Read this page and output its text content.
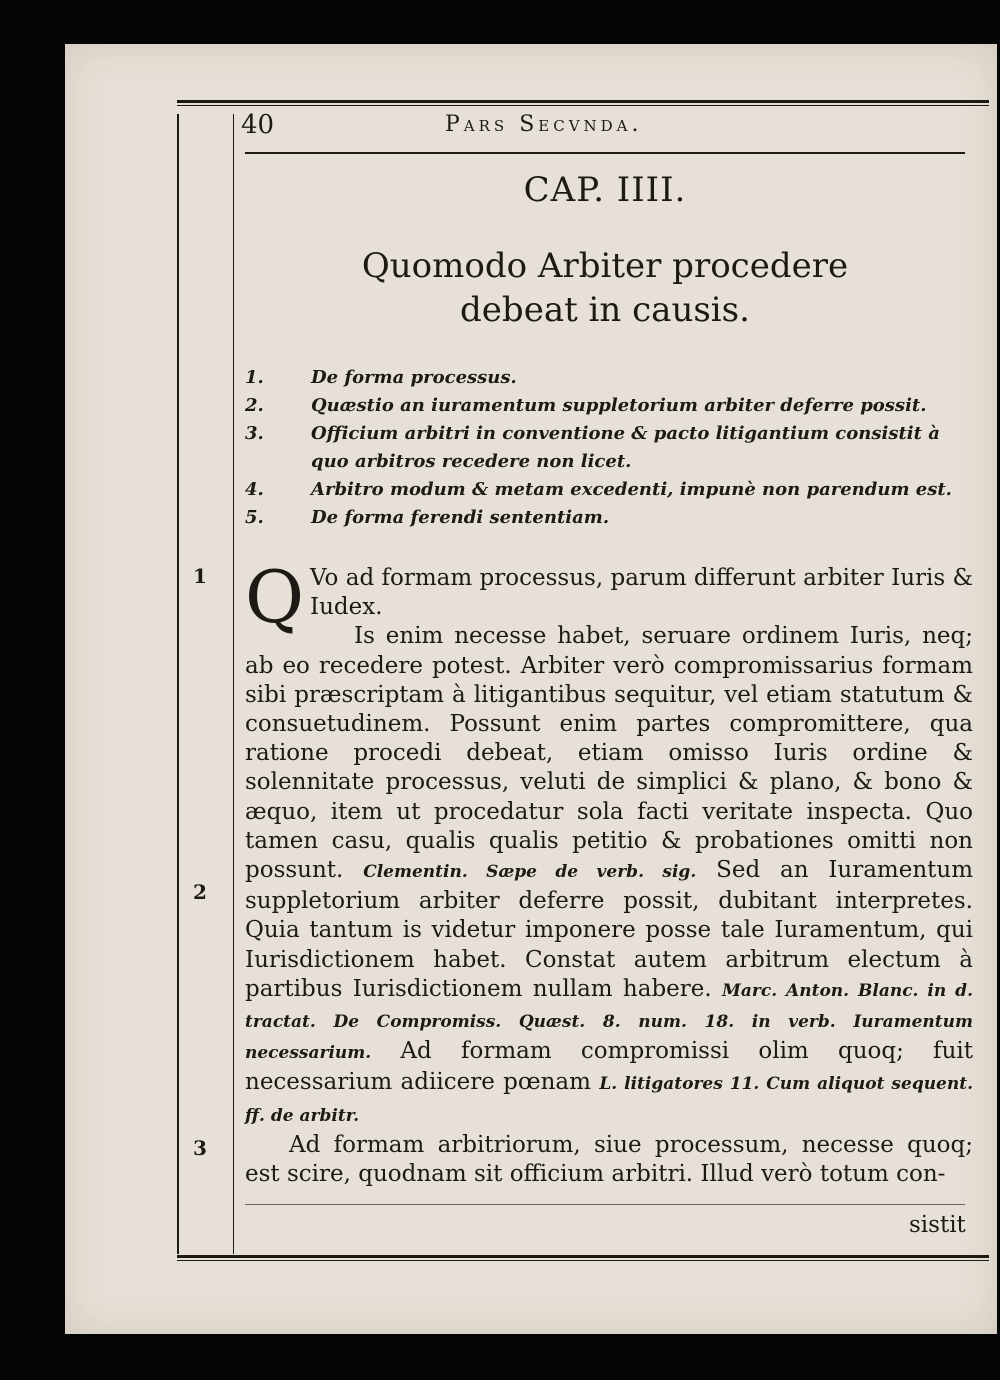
40	Pars Secvnda.
CAP. IIII.
Quomodo Arbiter procedere debeat in causis.
1.	De forma processus.
2.	Quæstio an iuramentum suppletorium arbiter deferre possit.
3.	Officium arbitri in conventione & pacto litigantium consistit à quo arbitros recedere non licet.
4.	Arbitro modum & metam excedenti, impunè non parendum est.
5.	De forma ferendi sententiam.
1
2
3

Q Vo ad formam processus, parum differunt arbiter Iuris & Iudex.

Is enim necesse habet, seruare ordinem Iuris, neq; ab eo recedere potest. Arbiter verò compromissarius formam sibi præscriptam à litigantibus sequitur, vel etiam statutum & consuetudinem. Possunt enim partes compromittere, qua ratione procedi debeat, etiam omisso Iuris ordine & solennitate processus, veluti de simplici & plano, & bono & æquo, item ut procedatur sola facti veritate inspecta. Quo tamen casu, qualis qualis petitio & probationes omitti non possunt. Clementin. Sæpe de verb. sig. Sed an Iuramentum suppletorium arbiter deferre possit, dubitant interpretes. Quia tantum is videtur imponere posse tale Iuramentum, qui Iurisdictionem habet. Constat autem arbitrum electum à partibus Iurisdictionem nullam habere. Marc. Anton. Blanc. in d. tractat. De Compromiss. Quæst. 8. num. 18. in verb. Iuramentum necessarium. Ad formam compromissi olim quoq; fuit necessarium adiicere pœnam L. litigatores 11. Cum aliquot sequent. ff. de arbitr.

Ad formam arbitriorum, siue processum, necesse quoq; est scire, quodnam sit officium arbitri. Illud verò totum con-

sistit
